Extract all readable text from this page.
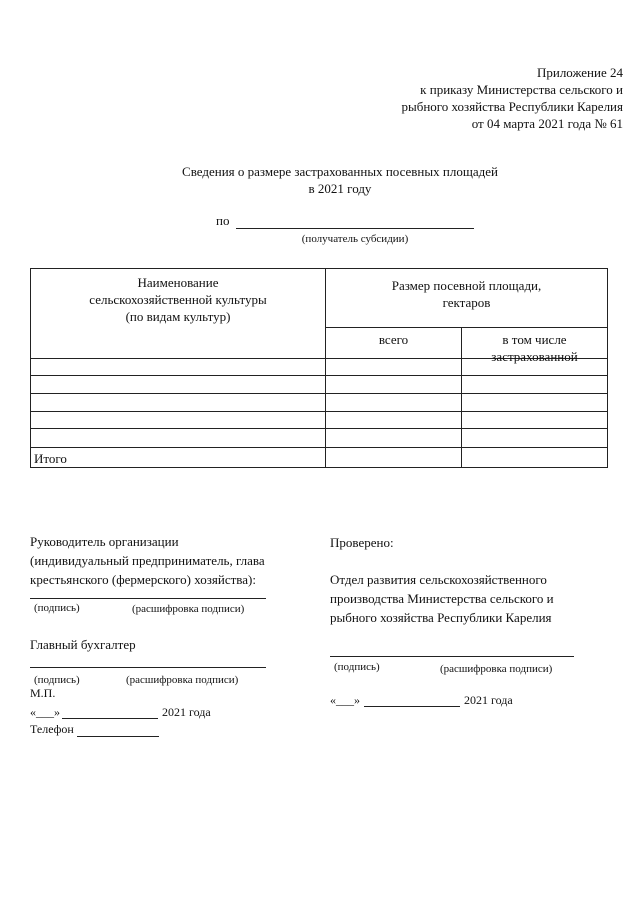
Приложение 24
к приказу Министерства сельского и
рыбного хозяйства Республики Карелия
от 04 марта 2021 года № 61
Сведения о размере застрахованных посевных площадей
в 2021 году
по
(получатель субсидии)
Наименование
сельскохозяйственной культуры
(по видам культур)
Размер посевной площади,
гектаров
всего	в том числе
застрахованной
Итого
Руководитель организации
(индивидуальный предприниматель, глава
крестьянского (фермерского) хозяйства):
(подпись)	(расшифровка подписи)
Главный бухгалтер
(подпись)	(расшифровка подписи)
М.П.
«___»	2021 года
Телефон
Проверено:
Отдел развития сельскохозяйственного
производства Министерства сельского и
рыбного хозяйства Республики Карелия
(подпись)	(расшифровка подписи)
«___»	2021 года
